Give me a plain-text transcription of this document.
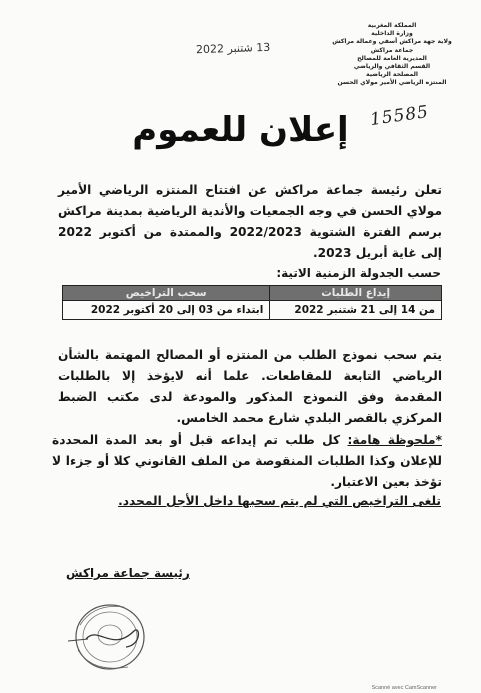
المملكة المغربية
وزارة الداخلية
ولاية جهة مراكش أسفي وعمالة مراكش
جماعة مراكش
المديرية العامة للمصالح
القسم الثقافي والرياضي
المصلحة الرياضية
المنتزه الرياضي الأمير مولاي الحسن
13 شتنبر 2022
15585
إعلان للعموم
تعلن رئيسة جماعة مراكش عن افتتاح المنتزه الرياضي الأمير مولاي الحسن في وجه الجمعيات والأندية الرياضية بمدينة مراكش برسم الفترة الشتوية 2022/2023 والممتدة من أكتوبر 2022 إلى غاية أبريل 2023.
حسب الجدولة الزمنية الاتية:
إيداع الطلبات	سحب التراخيص
من 14 إلى 21 شتنبر 2022	ابتداء من 03 إلى 20 أكتوبر 2022
يتم سحب نموذج الطلب من المنتزه أو المصالح المهتمة بالشأن الرياضي التابعة للمقاطعات. علما أنه لايؤخذ إلا بالطلبات المقدمة وفق النموذج المذكور والمودعة لدى مكتب الضبط المركزي بالقصر البلدي شارع محمد الخامس.
*ملحوظة هامة: كل طلب تم إيداعه قبل أو بعد المدة المحددة للإعلان وكذا الطلبات المنقوصة من الملف القانوني كلا أو جزءا لا تؤخذ بعين الاعتبار.
تلغى التراخيص التي لم يتم سحبها داخل الأجل المحدد.
رئيسة جماعة مراكش
Scanné avec CamScanner
